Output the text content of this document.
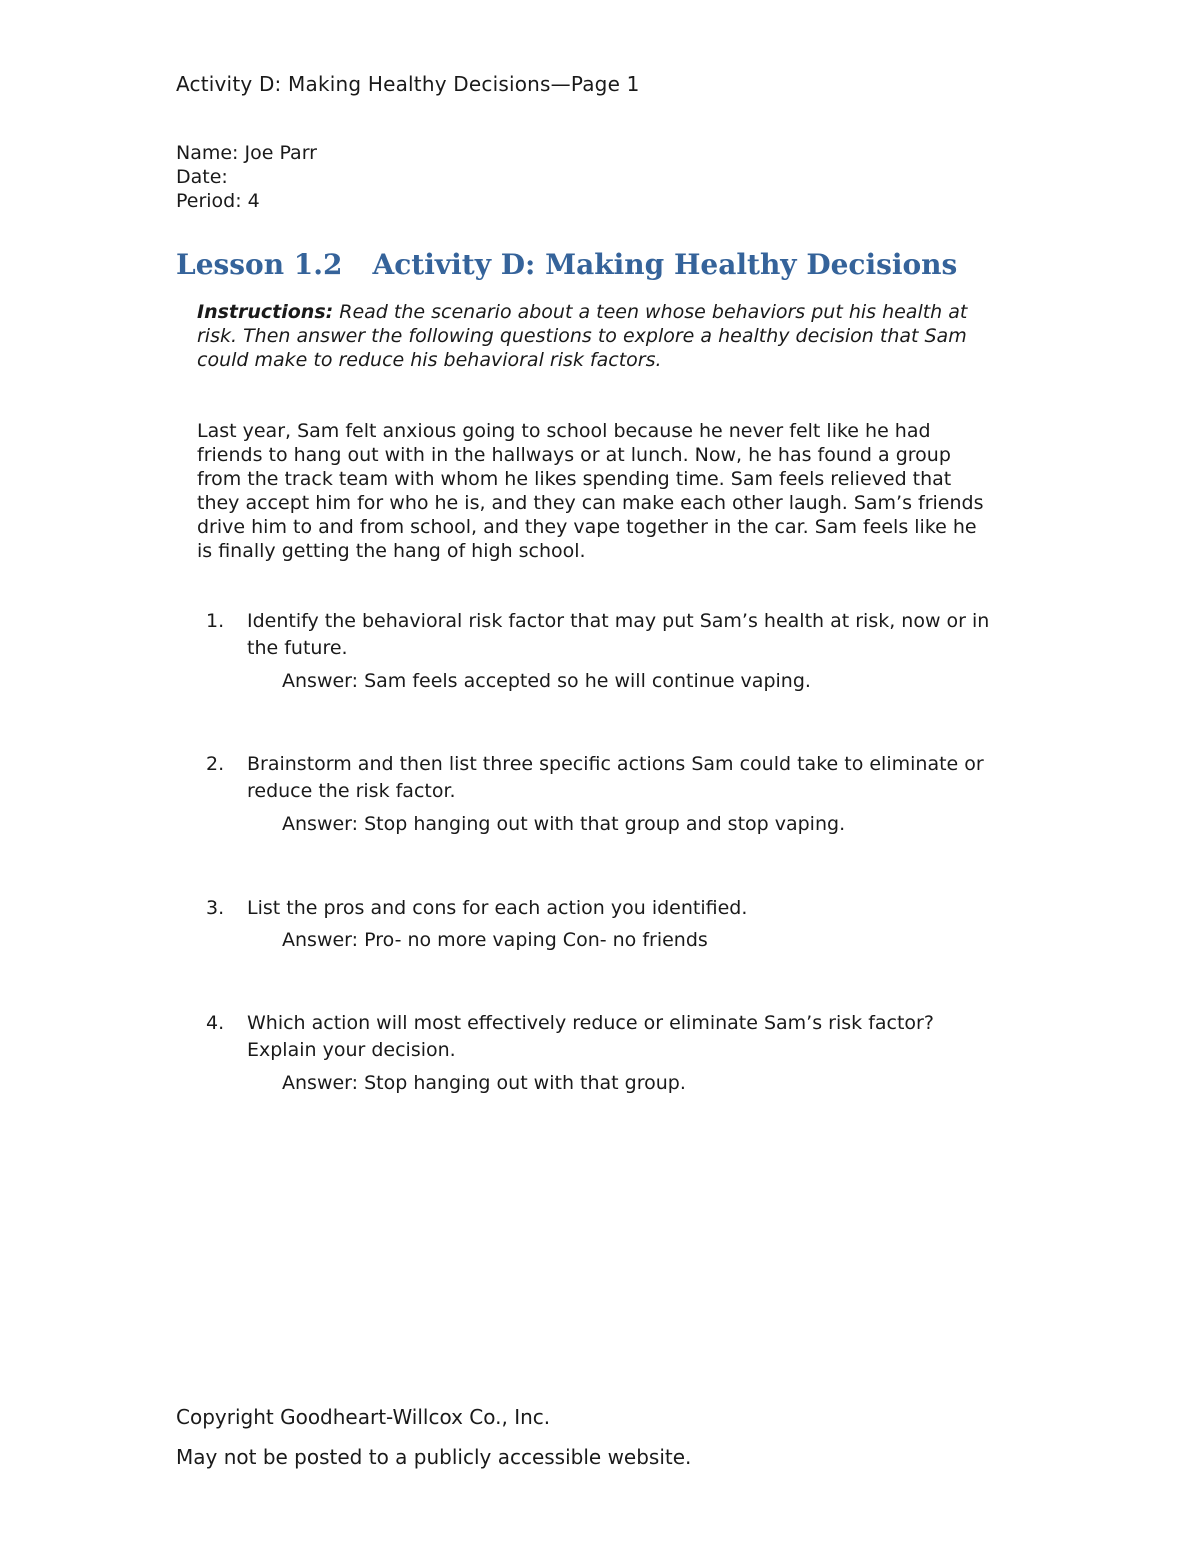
Activity D: Making Healthy Decisions—Page 1

Name: Joe Parr

Date:

Period: 4

Lesson 1.2 Activity D: Making Healthy Decisions

Instructions: Read the scenario about a teen whose behaviors put his health at risk. Then answer the following questions to explore a healthy decision that Sam could make to reduce his behavioral risk factors.

Last year, Sam felt anxious going to school because he never felt like he had friends to hang out with in the hallways or at lunch. Now, he has found a group from the track team with whom he likes spending time. Sam feels relieved that they accept him for who he is, and they can make each other laugh. Sam’s friends drive him to and from school, and they vape together in the car. Sam feels like he is finally getting the hang of high school.

1. Identify the behavioral risk factor that may put Sam’s health at risk, now or in the future.

Answer: Sam feels accepted so he will continue vaping.

2. Brainstorm and then list three specific actions Sam could take to eliminate or reduce the risk factor.

Answer: Stop hanging out with that group and stop vaping.

3. List the pros and cons for each action you identified.

Answer: Pro- no more vaping Con- no friends

4. Which action will most effectively reduce or eliminate Sam’s risk factor? Explain your decision.

Answer: Stop hanging out with that group.

Copyright Goodheart-Willcox Co., Inc.

May not be posted to a publicly accessible website.
